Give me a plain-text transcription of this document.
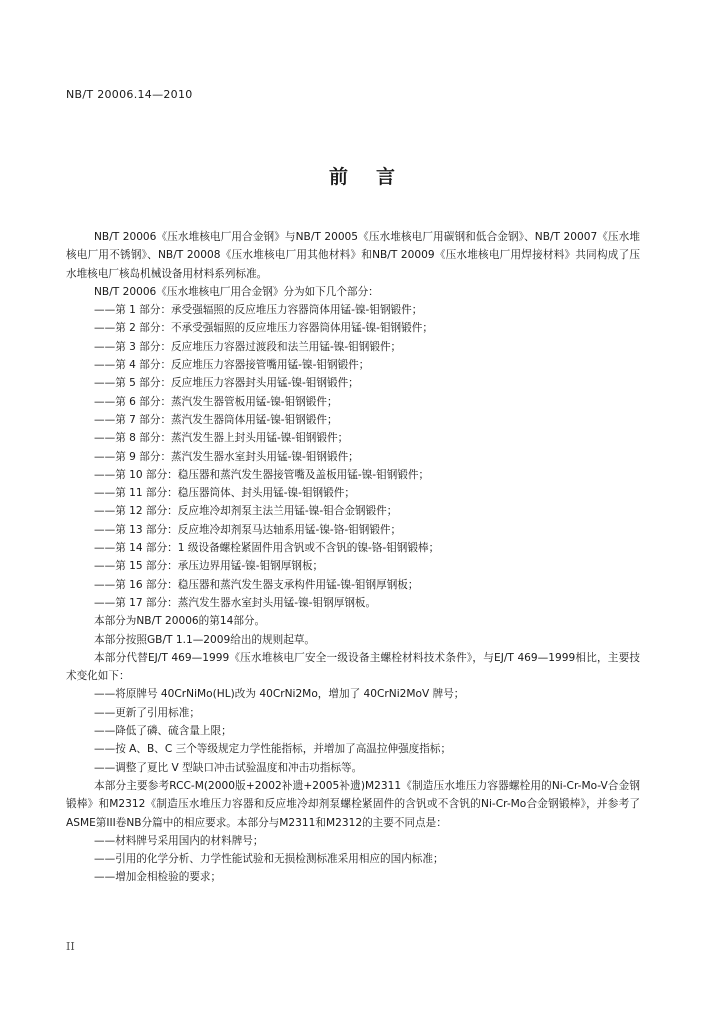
NB/T 20006.14—2010
前言

NB/T 20006《压水堆核电厂用合金钢》与NB/T 20005《压水堆核电厂用碳钢和低合金钢》、NB/T 20007《压水堆核电厂用不锈钢》、NB/T 20008《压水堆核电厂用其他材料》和NB/T 20009《压水堆核电厂用焊接材料》共同构成了压水堆核电厂核岛机械设备用材料系列标准。

NB/T 20006《压水堆核电厂用合金钢》分为如下几个部分：

——第 1 部分：承受强辐照的反应堆压力容器筒体用锰-镍-钼钢锻件；

——第 2 部分：不承受强辐照的反应堆压力容器筒体用锰-镍-钼钢锻件；

——第 3 部分：反应堆压力容器过渡段和法兰用锰-镍-钼钢锻件；

——第 4 部分：反应堆压力容器接管嘴用锰-镍-钼钢锻件；

——第 5 部分：反应堆压力容器封头用锰-镍-钼钢锻件；

——第 6 部分：蒸汽发生器管板用锰-镍-钼钢锻件；

——第 7 部分：蒸汽发生器筒体用锰-镍-钼钢锻件；

——第 8 部分：蒸汽发生器上封头用锰-镍-钼钢锻件；

——第 9 部分：蒸汽发生器水室封头用锰-镍-钼钢锻件；

——第 10 部分：稳压器和蒸汽发生器接管嘴及盖板用锰-镍-钼钢锻件；

——第 11 部分：稳压器筒体、封头用锰-镍-钼钢锻件；

——第 12 部分：反应堆冷却剂泵主法兰用锰-镍-钼合金钢锻件；

——第 13 部分：反应堆冷却剂泵马达轴系用锰-镍-铬-钼钢锻件；

——第 14 部分：1 级设备螺栓紧固件用含钒或不含钒的镍-铬-钼钢锻棒；

——第 15 部分：承压边界用锰-镍-钼钢厚钢板；

——第 16 部分：稳压器和蒸汽发生器支承构件用锰-镍-钼钢厚钢板；

——第 17 部分：蒸汽发生器水室封头用锰-镍-钼钢厚钢板。

本部分为NB/T 20006的第14部分。

本部分按照GB/T 1.1—2009给出的规则起草。

本部分代替EJ/T 469—1999《压水堆核电厂安全一级设备主螺栓材料技术条件》，与EJ/T 469—1999相比，主要技术变化如下：

——将原牌号 40CrNiMo(HL)改为 40CrNi2Mo，增加了 40CrNi2MoV 牌号；

——更新了引用标准；

——降低了磷、硫含量上限；

——按 A、B、C 三个等级规定力学性能指标，并增加了高温拉伸强度指标；

——调整了夏比 V 型缺口冲击试验温度和冲击功指标等。

本部分主要参考RCC-M(2000版+2002补遗+2005补遗)M2311《制造压水堆压力容器螺栓用的Ni-Cr-Mo-V合金钢锻棒》和M2312《制造压水堆压力容器和反应堆冷却剂泵螺栓紧固件的含钒或不含钒的Ni-Cr-Mo合金钢锻棒》，并参考了ASME第III卷NB分篇中的相应要求。本部分与M2311和M2312的主要不同点是：

——材料牌号采用国内的材料牌号；

——引用的化学分析、力学性能试验和无损检测标准采用相应的国内标准；

——增加金相检验的要求；

II
